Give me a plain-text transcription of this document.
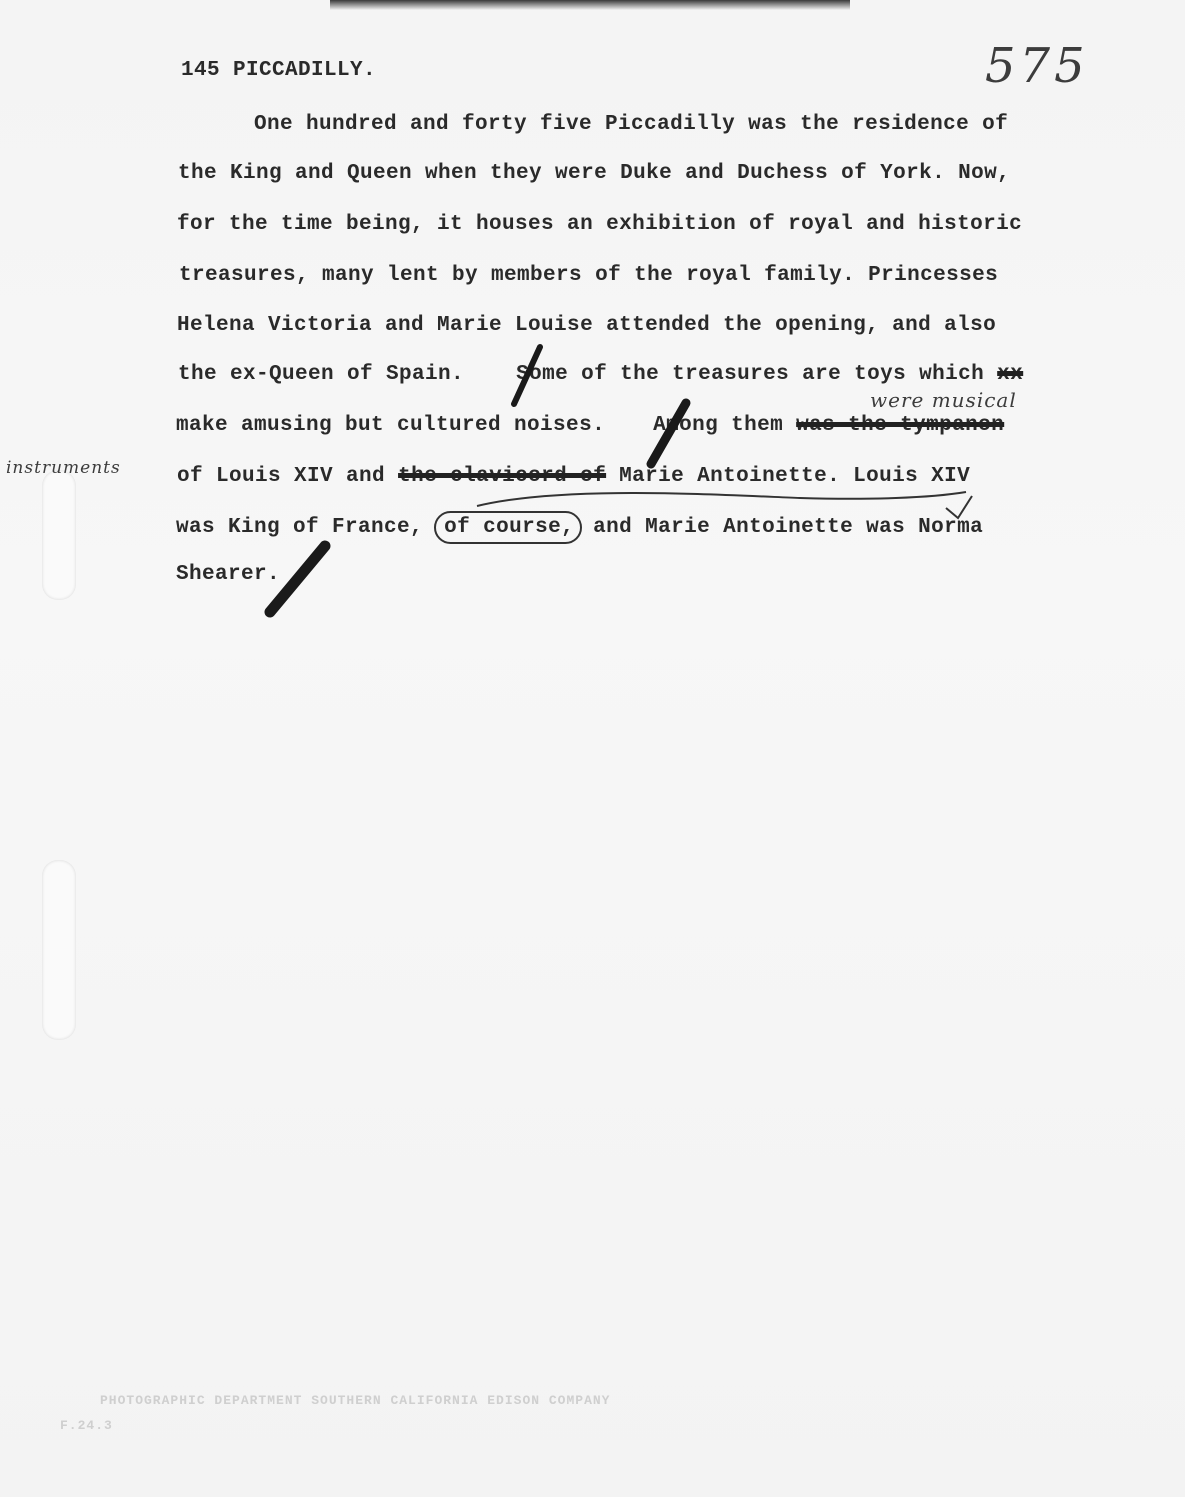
145 PICCADILLY.	575
One hundred and forty five Piccadilly was the residence of
the King and Queen when they were Duke and Duchess of York. Now,
for the time being, it houses an exhibition of royal and historic
treasures, many lent by members of the royal family. Princesses
Helena Victoria and Marie Louise attended the opening, and also
the ex-Queen of Spain. Some of the treasures are toys which xx
were musical
make amusing but cultured noises. Among them was the tympanon
instruments	of Louis XIV and the clavicord of Marie Antoinette. Louis XIV
was King of France, of course, and Marie Antoinette was Norma
Shearer.
PHOTOGRAPHIC DEPARTMENT SOUTHERN CALIFORNIA EDISON COMPANY
F.24.3
